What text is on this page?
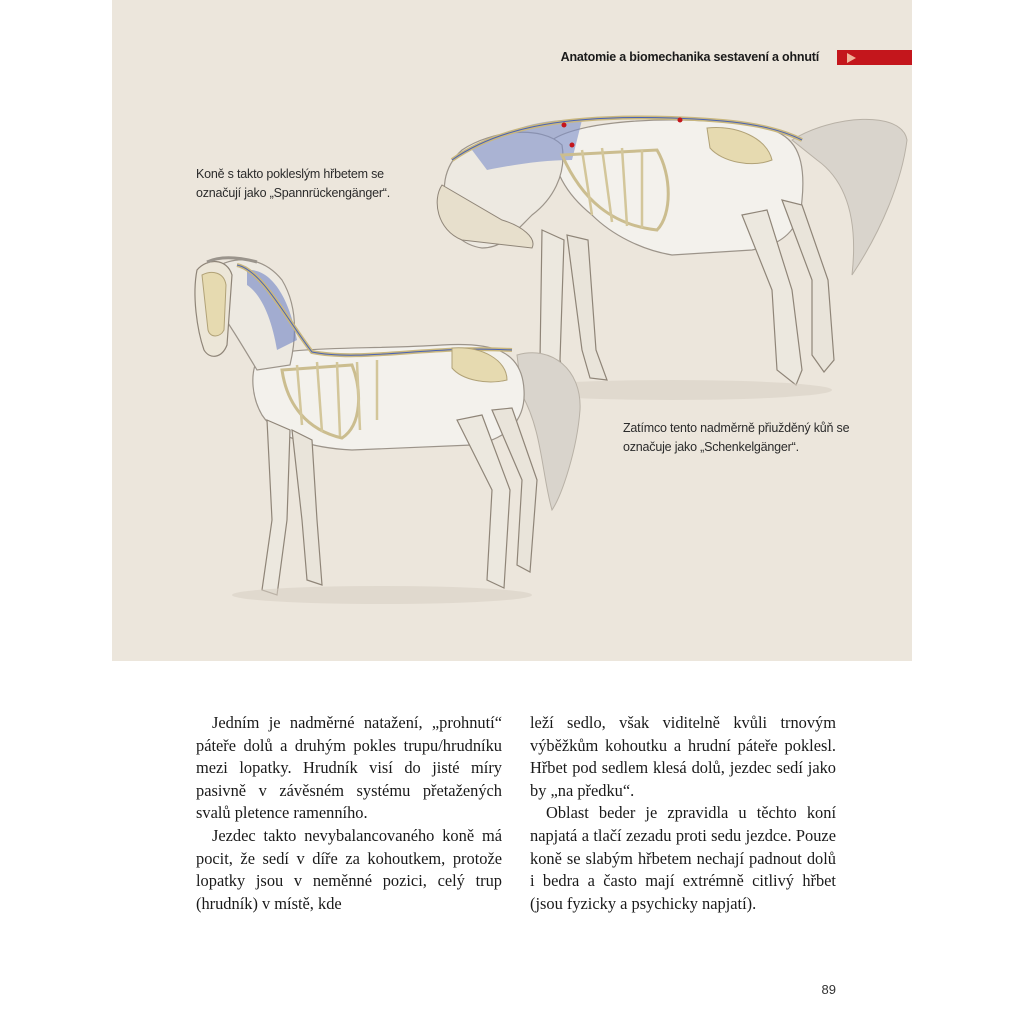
Anatomie a biomechanika sestavení a ohnutí
Koně s takto pokleslým hřbetem se označují jako „Spannrückengänger“.
Zatímco tento nadměrně přiužděný kůň se označuje jako „Schenkelgänger“.

Jedním je nadměrné natažení, „prohnutí“ páteře dolů a druhým pokles trupu/hrudníku mezi lopatky. Hrudník visí do jisté míry pasivně v závěsném systému přetažených svalů pletence ramenního.

Jezdec takto nevybalancovaného koně má pocit, že sedí v díře za kohoutkem, protože lopatky jsou v neměnné pozici, celý trup (hrudník) v místě, kde

leží sedlo, však viditelně kvůli trnovým výběžkům kohoutku a hrudní páteře poklesl. Hřbet pod sedlem klesá dolů, jezdec sedí jako by „na předku“.

Oblast beder je zpravidla u těchto koní napjatá a tlačí zezadu proti sedu jezdce. Pouze koně se slabým hřbetem nechají padnout dolů i bedra a často mají extrémně citlivý hřbet (jsou fyzicky a psychicky napjatí).

89
